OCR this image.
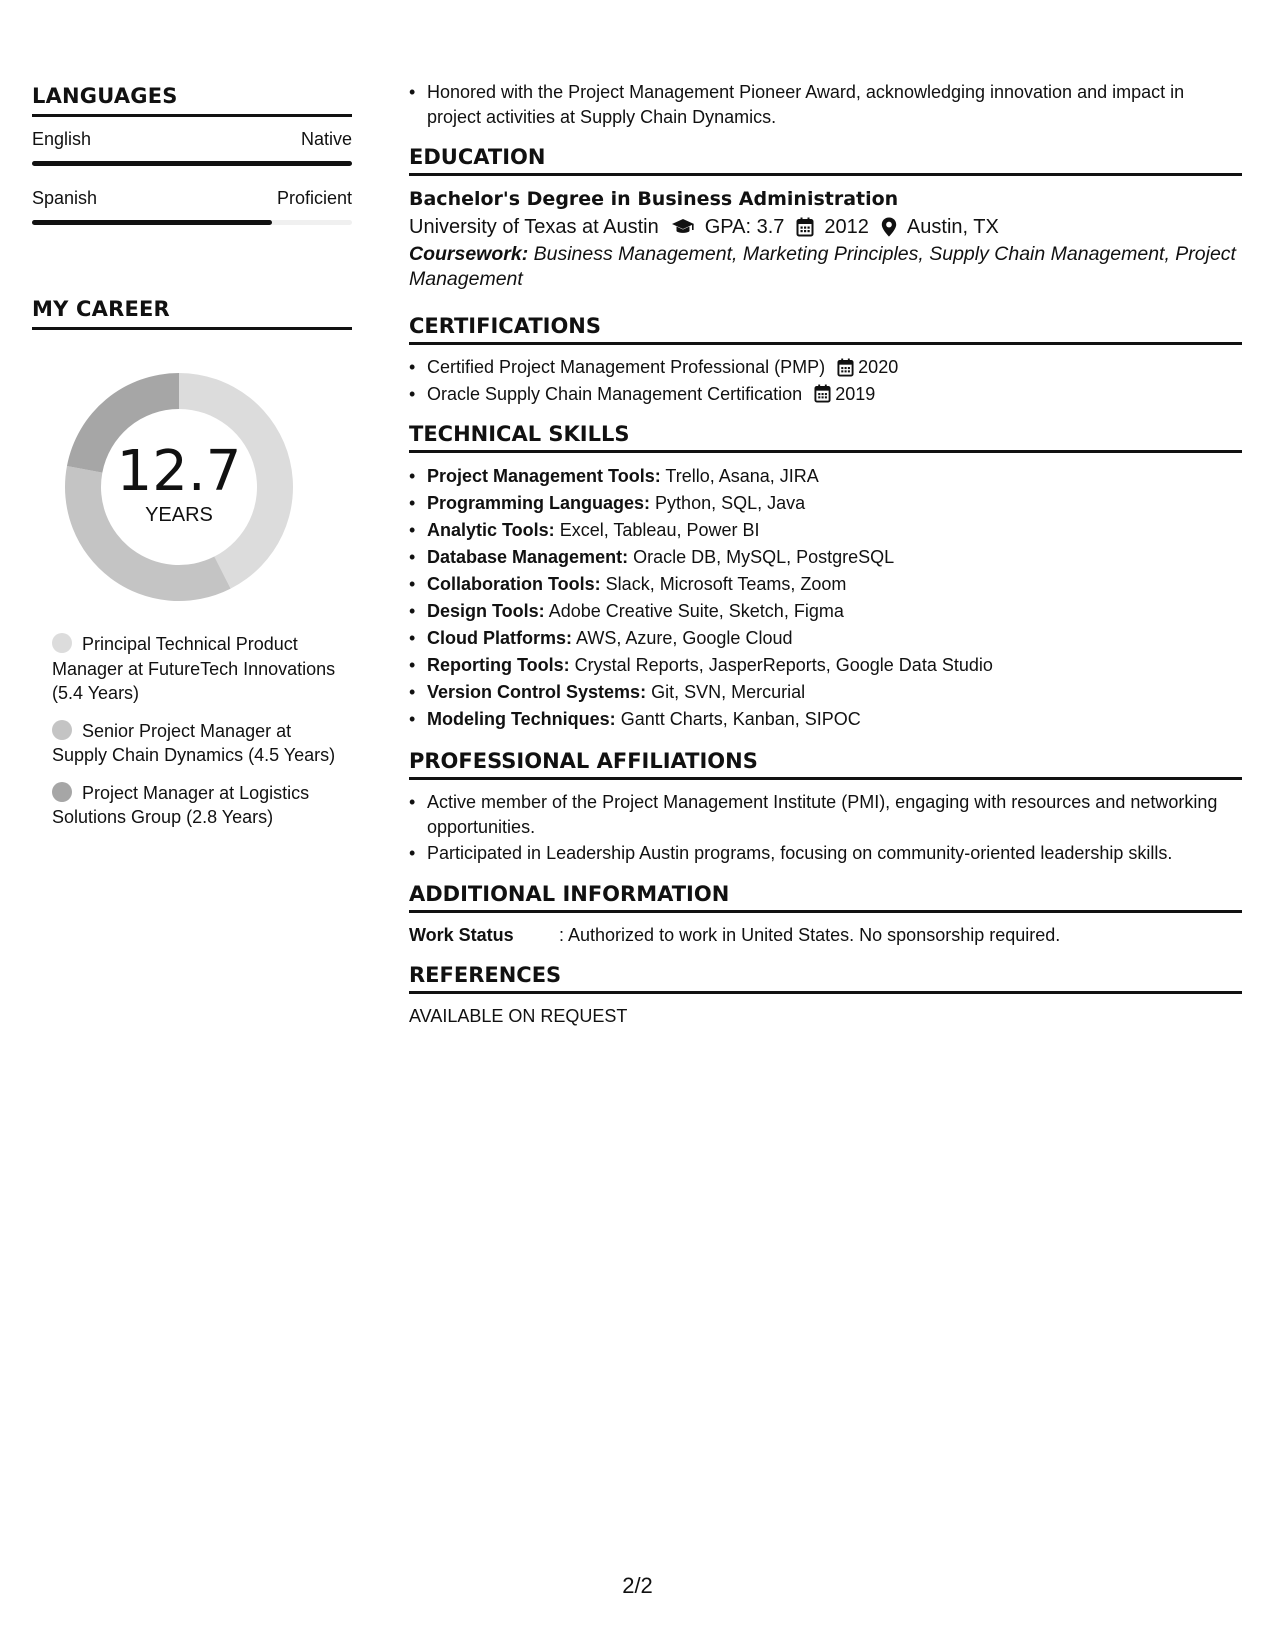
LANGUAGES
English	Native
Spanish	Proficient
MY CAREER
12.7
YEARS
Principal Technical Product Manager at FutureTech Innovations (5.4 Years)
Senior Project Manager at Supply Chain Dynamics (4.5 Years)
Project Manager at Logistics Solutions Group (2.8 Years)
• Honored with the Project Management Pioneer Award, acknowledging innovation and impact in project activities at Supply Chain Dynamics.
EDUCATION
Bachelor's Degree in Business Administration
University of Texas at Austin GPA: 3.7 2012 Austin, TX
Coursework: Business Management, Marketing Principles, Supply Chain Management, Project Management
CERTIFICATIONS
• Certified Project Management Professional (PMP) 2020
• Oracle Supply Chain Management Certification 2019
TECHNICAL SKILLS
• Project Management Tools: Trello, Asana, JIRA
• Programming Languages: Python, SQL, Java
• Analytic Tools: Excel, Tableau, Power BI
• Database Management: Oracle DB, MySQL, PostgreSQL
• Collaboration Tools: Slack, Microsoft Teams, Zoom
• Design Tools: Adobe Creative Suite, Sketch, Figma
• Cloud Platforms: AWS, Azure, Google Cloud
• Reporting Tools: Crystal Reports, JasperReports, Google Data Studio
• Version Control Systems: Git, SVN, Mercurial
• Modeling Techniques: Gantt Charts, Kanban, SIPOC
PROFESSIONAL AFFILIATIONS
• Active member of the Project Management Institute (PMI), engaging with resources and networking opportunities.
• Participated in Leadership Austin programs, focusing on community-oriented leadership skills.
ADDITIONAL INFORMATION
Work Status	: Authorized to work in United States. No sponsorship required.
REFERENCES
AVAILABLE ON REQUEST
2/2
